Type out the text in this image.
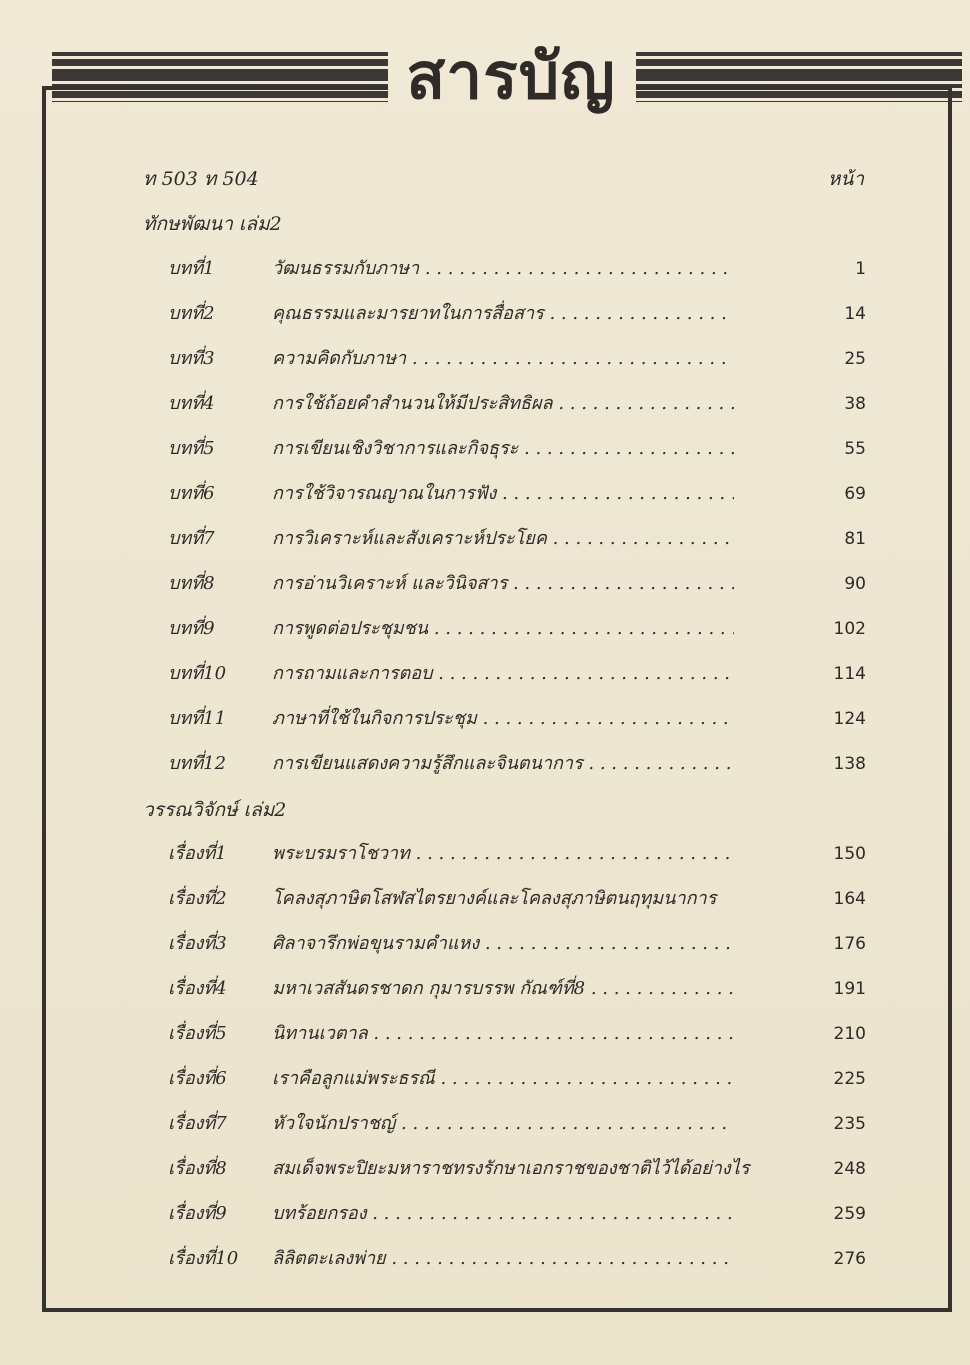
สารบัญ
ท 503 ท 504	หน้า
ทักษพัฒนา เล่ม2
บทที่1	วัฒนธรรมกับภาษา . . .	1
บทที่2	คุณธรรมและมารยาทในการสื่อสาร . . .	14
บทที่3	ความคิดกับภาษา . . .	25
บทที่4	การใช้ถ้อยคำสำนวนให้มีประสิทธิผล . . .	38
บทที่5	การเขียนเชิงวิชาการและกิจธุระ . . .	55
บทที่6	การใช้วิจารณญาณในการฟัง . . .	69
บทที่7	การวิเคราะห์และสังเคราะห์ประโยค . . .	81
บทที่8	การอ่านวิเคราะห์ และวินิจสาร . . .	90
บทที่9	การพูดต่อประชุมชน . . .	102
บทที่10	การถามและการตอบ . . .	114
บทที่11	ภาษาที่ใช้ในกิจการประชุม . . .	124
บทที่12	การเขียนแสดงความรู้สึกและจินตนาการ . . .	138
วรรณวิจักษ์ เล่ม2
เรื่องที่1	พระบรมราโชวาท . . .	150
เรื่องที่2	โคลงสุภาษิตโสฬสไตรยางค์และโคลงสุภาษิตนฤทุมนาการ	164
เรื่องที่3	ศิลาจารึกพ่อขุนรามคำแหง . . .	176
เรื่องที่4	มหาเวสสันดรชาดก กุมารบรรพ กัณฑ์ที่8 . . .	191
เรื่องที่5	นิทานเวตาล . . .	210
เรื่องที่6	เราคือลูกแม่พระธรณี . . .	225
เรื่องที่7	หัวใจนักปราชญ์ . . .	235
เรื่องที่8	สมเด็จพระปิยะมหาราชทรงรักษาเอกราชของชาติไว้ได้อย่างไร	248
เรื่องที่9	บทร้อยกรอง . . .	259
เรื่องที่10 ลิลิตตะเลงพ่าย . . .	276
